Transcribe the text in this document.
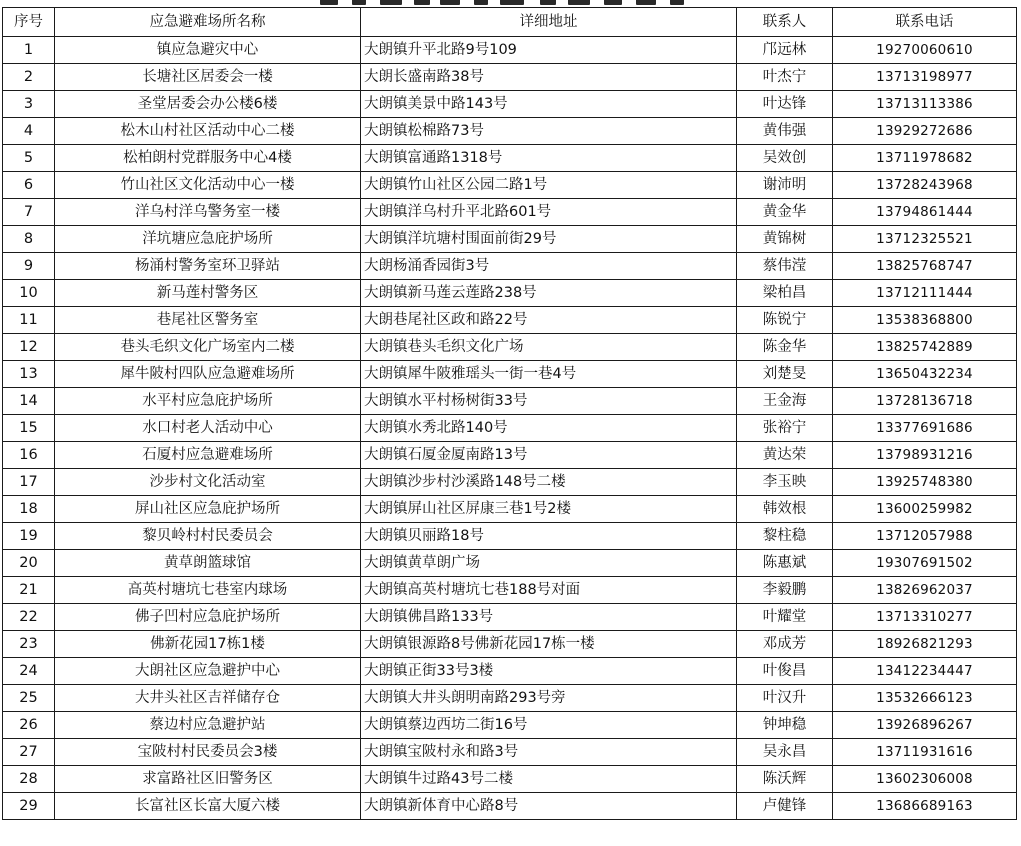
序号	应急避难场所名称	详细地址	联系人	联系电话
1	镇应急避灾中心	大朗镇升平北路9号109	邝远林	19270060610
2	长塘社区居委会一楼	大朗长盛南路38号	叶杰宁	13713198977
3	圣堂居委会办公楼6楼	大朗镇美景中路143号	叶达锋	13713113386
4	松木山村社区活动中心二楼	大朗镇松棉路73号	黄伟强	13929272686
5	松柏朗村党群服务中心4楼	大朗镇富通路1318号	吴效创	13711978682
6	竹山社区文化活动中心一楼	大朗镇竹山社区公园二路1号	谢沛明	13728243968
7	洋乌村洋乌警务室一楼	大朗镇洋乌村升平北路601号	黄金华	13794861444
8	洋坑塘应急庇护场所	大朗镇洋坑塘村围面前街29号	黄锦树	13712325521
9	杨涌村警务室环卫驿站	大朗杨涌香园街3号	蔡伟滢	13825768747
10	新马莲村警务区	大朗镇新马莲云莲路238号	梁柏昌	13712111444
11	巷尾社区警务室	大朗巷尾社区政和路22号	陈锐宁	13538368800
12	巷头毛织文化广场室内二楼	大朗镇巷头毛织文化广场	陈金华	13825742889
13	犀牛陂村四队应急避难场所	大朗镇犀牛陂雅瑶头一街一巷4号	刘楚旻	13650432234
14	水平村应急庇护场所	大朗镇水平村杨树街33号	王金海	13728136718
15	水口村老人活动中心	大朗镇水秀北路140号	张裕宁	13377691686
16	石厦村应急避难场所	大朗镇石厦金厦南路13号	黄达荣	13798931216
17	沙步村文化活动室	大朗镇沙步村沙溪路148号二楼	李玉映	13925748380
18	屏山社区应急庇护场所	大朗镇屏山社区屏康三巷1号2楼	韩效根	13600259982
19	黎贝岭村村民委员会	大朗镇贝丽路18号	黎柱稳	13712057988
20	黄草朗篮球馆	大朗镇黄草朗广场	陈惠斌	19307691502
21	高英村塘坑七巷室内球场	大朗镇高英村塘坑七巷188号对面	李毅鹏	13826962037
22	佛子凹村应急庇护场所	大朗镇佛昌路133号	叶耀堂	13713310277
23	佛新花园17栋1楼	大朗镇银源路8号佛新花园17栋一楼	邓成芳	18926821293
24	大朗社区应急避护中心	大朗镇正街33号3楼	叶俊昌	13412234447
25	大井头社区吉祥储存仓	大朗镇大井头朗明南路293号旁	叶汉升	13532666123
26	蔡边村应急避护站	大朗镇蔡边西坊二街16号	钟坤稳	13926896267
27	宝陂村村民委员会3楼	大朗镇宝陂村永和路3号	吴永昌	13711931616
28	求富路社区旧警务区	大朗镇牛过路43号二楼	陈沃辉	13602306008
29	长富社区长富大厦六楼	大朗镇新体育中心路8号	卢健锋	13686689163
